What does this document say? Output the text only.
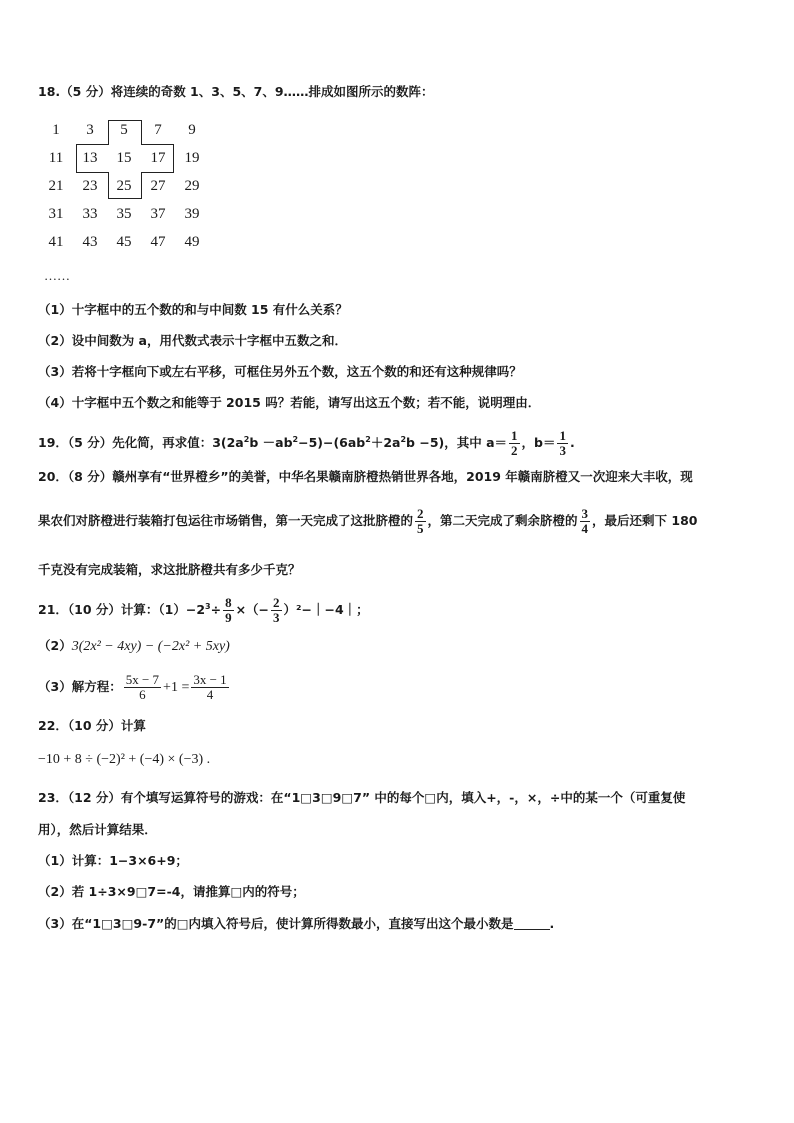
18.（5 分）将连续的奇数 1、3、5、7、9……排成如图所示的数阵：
1	3	5	7	9
11	13	15	17	19
21	23	25	27	29
31	33	35	37	39
41	43	45	47	49
……
（1）十字框中的五个数的和与中间数 15 有什么关系？
（2）设中间数为 a，用代数式表示十字框中五数之和．
（3）若将十字框向下或左右平移，可框住另外五个数，这五个数的和还有这种规律吗？
（4）十字框中五个数之和能等于 2015 吗？若能，请写出这五个数；若不能，说明理由．
19．（5 分）先化简，再求值：$3(2a^2b -ab^2-5)-(6ab^2+2a^2b -5)$，其中 $a= \frac{1}{2}$ ，$b= \frac{1}{3}$ .
20．（8 分）赣州享有“世界橙乡”的美誉，中华名果赣南脐橙热销世界各地，2019 年赣南脐橙又一次迎来大丰收，现
果农们对脐橙进行装箱打包运往市场销售，第一天完成了这批脐橙的 $\frac{2}{5}$ ，第二天完成了剩余脐橙的 $\frac{3}{4}$ ，最后还剩下 180
千克没有完成装箱，求这批脐橙共有多少千克？
21．（10 分）计算：$(1)-2^3\div \frac{8}{9}$ ×（− $\frac{2}{3}$ ）²−｜−4｜；
（2）3(2x² − 4xy) − (−2x² + 5xy)
（3）解方程： $\frac{5x - 7}{6} +1 = \frac{3x - 1}{4}$
22．（10 分）计算
−10 + 8 ÷ (−2)² + (−4) × (−3) .
23．（12 分）有个填写运算符号的游戏：在“1□3□9□7” 中的每个□内，填入+，-，×，÷中的某一个（可重复使
用），然后计算结果．
（1）计算：1−3×6+9；
（2）若 1÷3×9□7=-4，请推算□内的符号；
（3）在“1□3□9-7”的□内填入符号后，使计算所得数最小，直接写出这个最小数是	.
